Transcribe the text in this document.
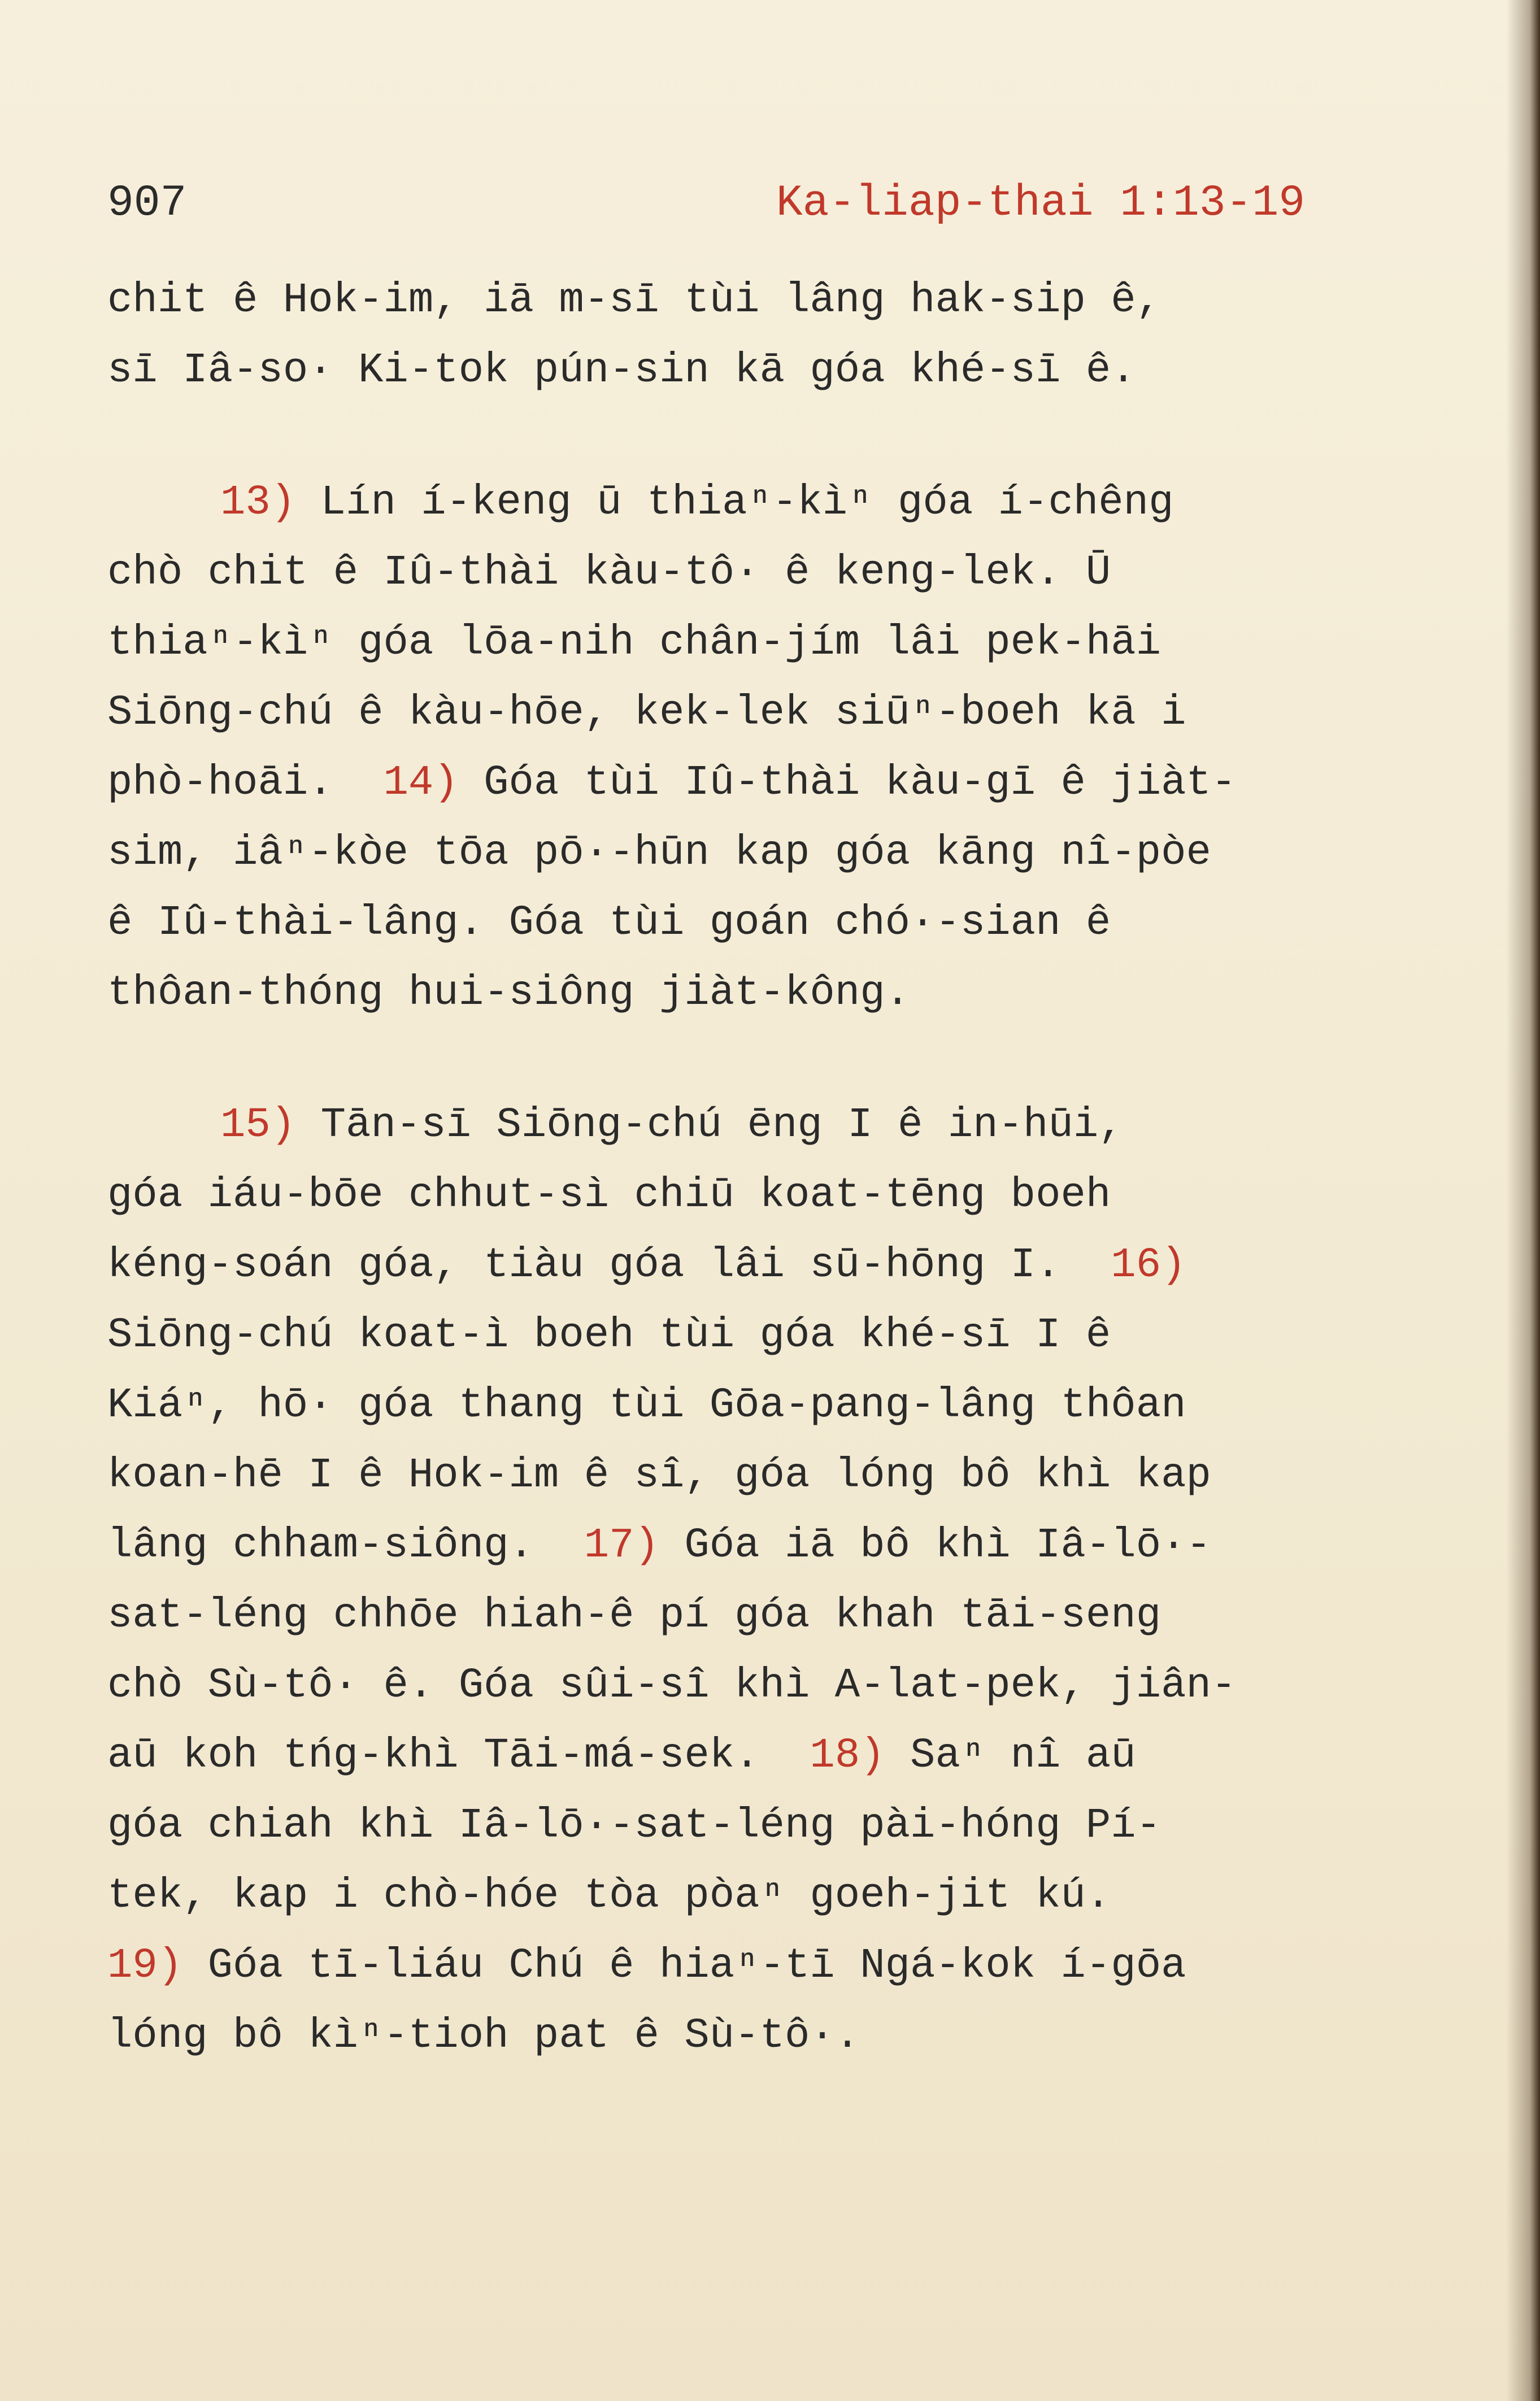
907	Ka-liap-thai 1:13-19
chit ê Hok-im, iā m-sī tùi lâng hak-sip ê,
sī Iâ-so· Ki-tok pún-sin kā góa khé-sī ê.
13) Lín í-keng ū thiaⁿ-kìⁿ góa í-chêng
chò chit ê Iû-thài kàu-tô· ê keng-lek. Ū
thiaⁿ-kìⁿ góa lōa-nih chân-jím lâi pek-hāi
Siōng-chú ê kàu-hōe, kek-lek siūⁿ-boeh kā i
phò-hoāi.  14) Góa tùi Iû-thài kàu-gī ê jiàt-
sim, iâⁿ-kòe tōa pō·-hūn kap góa kāng nî-pòe
ê Iû-thài-lâng. Góa tùi goán chó·-sian ê
thôan-thóng hui-siông jiàt-kông.
15) Tān-sī Siōng-chú ēng I ê in-hūi,
góa iáu-bōe chhut-sì chiū koat-tēng boeh
kéng-soán góa, tiàu góa lâi sū-hōng I.  16)
Siōng-chú koat-ì boeh tùi góa khé-sī I ê
Kiáⁿ, hō· góa thang tùi Gōa-pang-lâng thôan
koan-hē I ê Hok-im ê sî, góa lóng bô khì kap
lâng chham-siông.  17) Góa iā bô khì Iâ-lō·-
sat-léng chhōe hiah-ê pí góa khah tāi-seng
chò Sù-tô· ê. Góa sûi-sî khì A-lat-pek, jiân-
aū koh tńg-khì Tāi-má-sek.  18) Saⁿ nî aū
góa chiah khì Iâ-lō·-sat-léng pài-hóng Pí-
tek, kap i chò-hóe tòa pòaⁿ goeh-jit kú.
19) Góa tī-liáu Chú ê hiaⁿ-tī Ngá-kok í-gōa
lóng bô kìⁿ-tioh pat ê Sù-tô·.
